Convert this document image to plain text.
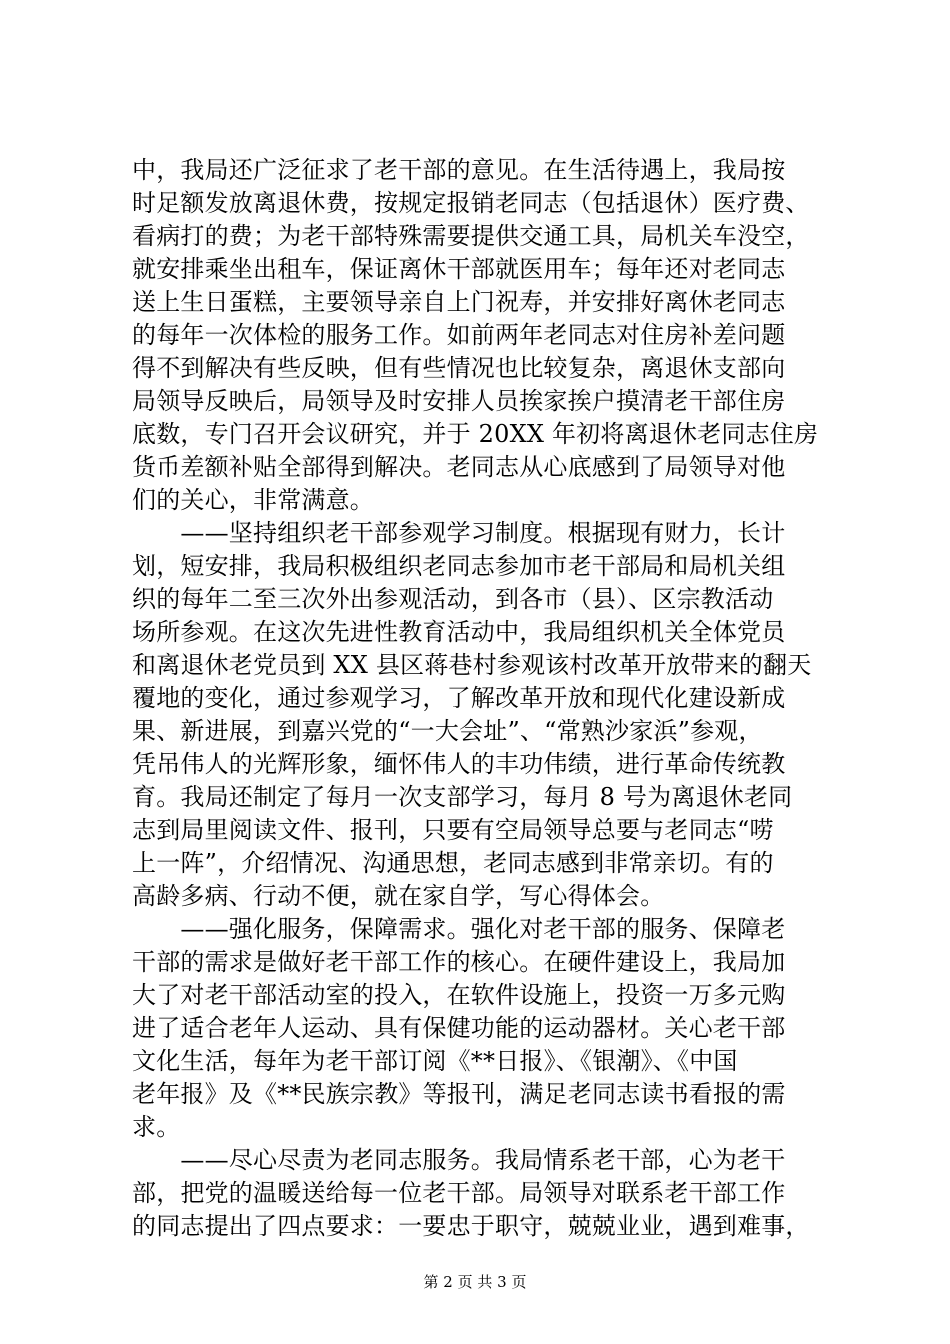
中，我局还广泛征求了老干部的意见。在生活待遇上，我局按
时足额发放离退休费，按规定报销老同志（包括退休）医疗费、
看病打的费；为老干部特殊需要提供交通工具，局机关车没空，
就安排乘坐出租车，保证离休干部就医用车；每年还对老同志
送上生日蛋糕，主要领导亲自上门祝寿，并安排好离休老同志
的每年一次体检的服务工作。如前两年老同志对住房补差问题
得不到解决有些反映，但有些情况也比较复杂，离退休支部向
局领导反映后，局领导及时安排人员挨家挨户摸清老干部住房
底数，专门召开会议研究，并于 20XX 年初将离退休老同志住房
货币差额补贴全部得到解决。老同志从心底感到了局领导对他
们的关心，非常满意。
　　——坚持组织老干部参观学习制度。根据现有财力，长计
划，短安排，我局积极组织老同志参加市老干部局和局机关组
织的每年二至三次外出参观活动，到各市（县）、区宗教活动
场所参观。在这次先进性教育活动中，我局组织机关全体党员
和离退休老党员到 XX 县区蒋巷村参观该村改革开放带来的翻天
覆地的变化，通过参观学习，了解改革开放和现代化建设新成
果、新进展，到嘉兴党的“一大会址”、“常熟沙家浜”参观，
凭吊伟人的光辉形象，缅怀伟人的丰功伟绩，进行革命传统教
育。我局还制定了每月一次支部学习，每月 8 号为离退休老同
志到局里阅读文件、报刊，只要有空局领导总要与老同志“唠
上一阵”，介绍情况、沟通思想，老同志感到非常亲切。有的
高龄多病、行动不便，就在家自学，写心得体会。
　　——强化服务，保障需求。强化对老干部的服务、保障老
干部的需求是做好老干部工作的核心。在硬件建设上，我局加
大了对老干部活动室的投入，在软件设施上，投资一万多元购
进了适合老年人运动、具有保健功能的运动器材。关心老干部
文化生活，每年为老干部订阅《**日报》、《银潮》、《中国
老年报》及《**民族宗教》等报刊，满足老同志读书看报的需
求。
　　——尽心尽责为老同志服务。我局情系老干部，心为老干
部，把党的温暖送给每一位老干部。局领导对联系老干部工作
的同志提出了四点要求：一要忠于职守，兢兢业业，遇到难事，
第 2 页 共 3 页
